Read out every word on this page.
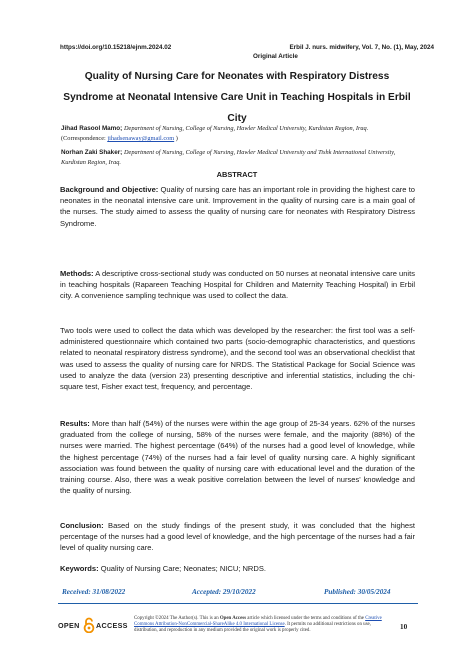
https://doi.org/10.15218/ejnm.2024.02	Erbil J. nurs. midwifery, Vol. 7, No. (1), May, 2024
Original Article
Quality of Nursing Care for Neonates with Respiratory Distress Syndrome at Neonatal Intensive Care Unit in Teaching Hospitals in Erbil City
Jihad Rasool Mamo; Department of Nursing, College of Nursing, Hawler Medical University, Kurdistan Region, Iraq.
(Correspondence: jihadsenaway@gmail.com )
Norhan Zaki Shaker; Department of Nursing, College of Nursing, Hawler Medical University and Tishk International University, Kurdistan Region, Iraq.
ABSTRACT

Background and Objective: Quality of nursing care has an important role in providing the highest care to neonates in the neonatal intensive care unit. Improvement in the quality of nursing care is a main goal of the nurses. The study aimed to assess the quality of nursing care for neonates with Respiratory Distress Syndrome.

Methods: A descriptive cross-sectional study was conducted on 50 nurses at neonatal intensive care units in teaching hospitals (Rapareen Teaching Hospital for Children and Maternity Teaching Hospital) in Erbil city. A convenience sampling technique was used to collect the data.

Two tools were used to collect the data which was developed by the researcher: the first tool was a self-administered questionnaire which contained two parts (socio-demographic characteristics, and questions related to neonatal respiratory distress syndrome), and the second tool was an observational checklist that was used to assess the quality of nursing care for NRDS. The Statistical Package for Social Science was used to analyze the data (version 23) presenting descriptive and inferential statistics, including the chi-square test, Fisher exact test, frequency, and percentage.

Results: More than half (54%) of the nurses were within the age group of 25-34 years. 62% of the nurses graduated from the college of nursing, 58% of the nurses were female, and the majority (88%) of the nurses were married. The highest percentage (64%) of the nurses had a good level of knowledge, while the highest percentage (74%) of the nurses had a fair level of quality nursing care. A highly significant association was found between the quality of nursing care with educational level and the duration of the training course. Also, there was a weak positive correlation between the level of nurses' knowledge and the quality of nursing.

Conclusion: Based on the study findings of the present study, it was concluded that the highest percentage of the nurses had a good level of knowledge, and the high percentage of the nurses had a fair level of quality nursing care.

Keywords: Quality of Nursing Care; Neonates; NICU; NRDS.

Received: 31/08/2022	Accepted: 29/10/2022	Published: 30/05/2024
OPEN ACCESS

Copyright ©2024 The Author(s). This is an Open Access article which licensed under the terms and conditions of the Creative Commons Attribution-NonCommercial-ShareAlike 4.0 International License. It permits no additional restrictions on use, distribution, and reproduction in any medium provided the original work is properly cited.	10
